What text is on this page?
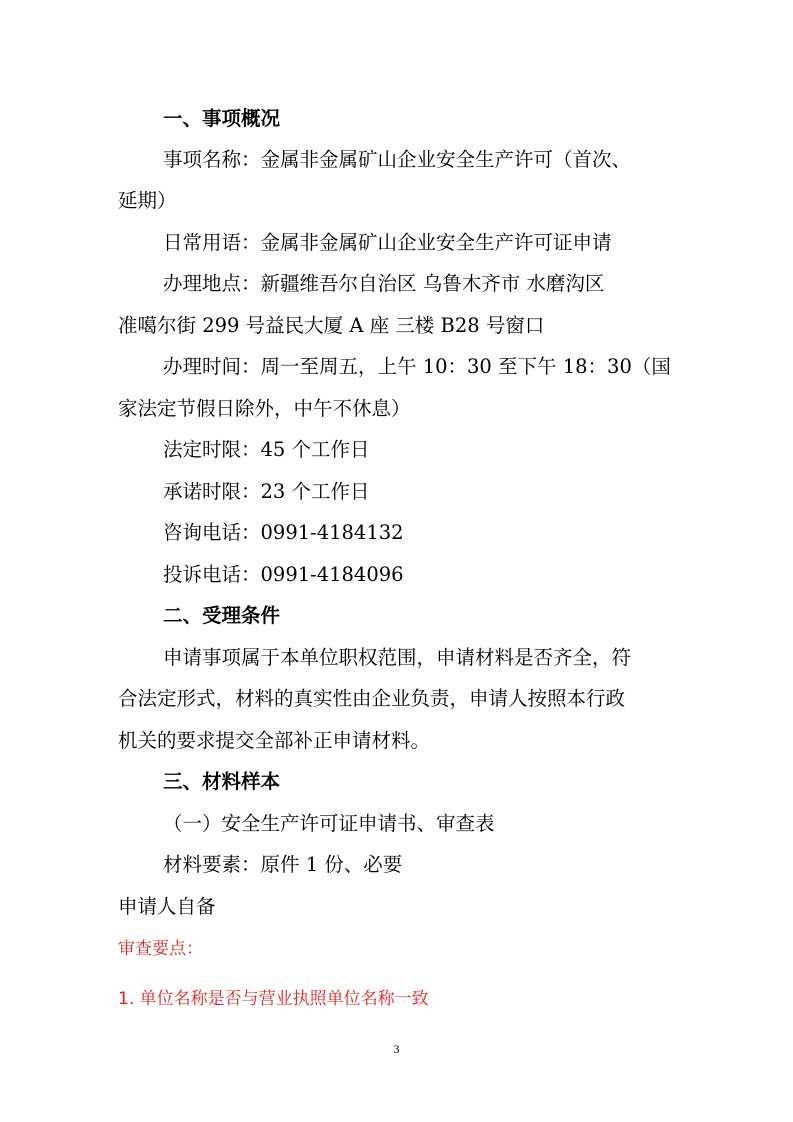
一、事项概况
事项名称：金属非金属矿山企业安全生产许可（首次、
延期）
日常用语：金属非金属矿山企业安全生产许可证申请
办理地点：新疆维吾尔自治区 乌鲁木齐市 水磨沟区
准噶尔街 299 号益民大厦 A 座 三楼 B28 号窗口
办理时间：周一至周五，上午 10：30 至下午 18：30（国
家法定节假日除外，中午不休息）
法定时限：45 个工作日
承诺时限：23 个工作日
咨询电话：0991-4184132
投诉电话：0991-4184096
二、受理条件
申请事项属于本单位职权范围，申请材料是否齐全，符
合法定形式，材料的真实性由企业负责，申请人按照本行政
机关的要求提交全部补正申请材料。
三、材料样本
（一）安全生产许可证申请书、审查表
材料要素：原件 1 份、必要
申请人自备
审查要点：
1. 单位名称是否与营业执照单位名称一致
3
